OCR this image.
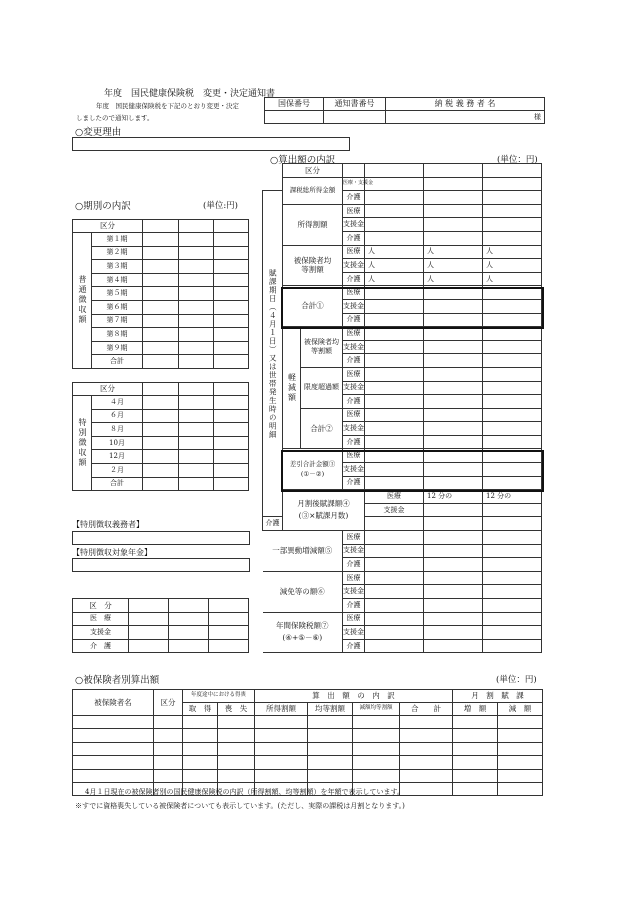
年度　国民健康保険税　変更・決定通知書
年度　国民健康保険税を下記のとおり変更・決定
しましたので通知します。
国保番号	通知書番号	納 税 義 務 者 名
		様
○変更理由
○期別の内訳	(単位:円)
区分				
普通徴収額	第１期			
	第２期			
	第３期			
	第４期			
	第５期			
	第６期			
	第７期			
	第８期			
	第９期			
	合計			
区分				
特別徴収額	４月			
	６月			
	８月			
	10月			
	12月			
	２月			
	合計			
【特別徴収義務者】
【特別徴収対象年金】
区　分			
医　療			
支援金			
介　護			
○算出額の内訳	(単位：円)
	区分						
	課税総所得金額		医療・支援金				
賦課期日（４月１日）又は世帯発生時の明細			介護				
	所得割額		医療				
			支援金				
			介護				
	被保険者均等割額		医療	人	人	人	
			支援金	人	人	人	
			介護	人	人	人	
	合計①		医療				
			支援金				
			介護				
	軽減額	被保険者均等割額	医療				
			支援金				
			介護				
		限度超過額	医療				
			支援金				
			介護				
		合計②	医療				
			支援金				
			介護				
	差引合計金額③
(①－②)		医療				
			支援金				
			介護				
	月割後賦課額④
(③×賦課月数)			医療	12 分の	12 分の	
				支援金			
介護							
一部異動増減額⑤			医療				
			支援金				
			介護				
減免等の額⑥			医療				
			支援金				
			介護				
年間保険税額⑦
(④+⑤－⑥)			医療				
			支援金				
			介護				
○被保険者別算出額	(単位：円)
被保険者名	区分	年度途中における得喪		算　出　額　の　内　訳				月　割　賦　課	
		取　得	喪　失	所得割額	均等割額	減額均等割額	合　　計	増　額	減　額

4月１日現在の被保険者別の国民健康保険税の内訳（所得割額、均等割額）を年額で表示しています。
※すでに資格喪失している被保険者についても表示しています。(ただし、実際の課税は月割となります。)
